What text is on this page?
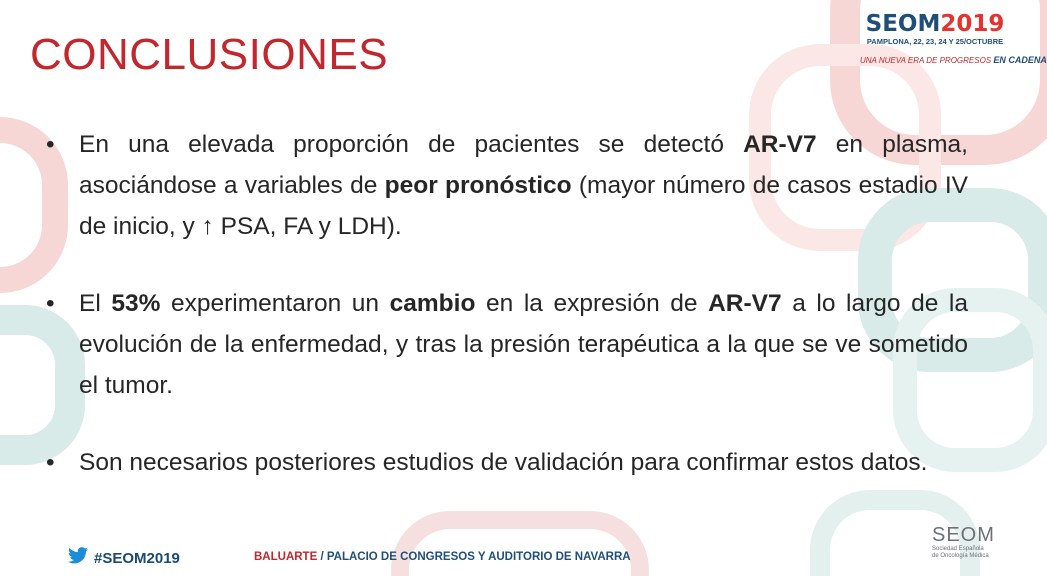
CONCLUSIONES
SEOM2019
PAMPLONA, 22, 23, 24 Y 25/OCTUBRE
UNA NUEVA ERA DE PROGRESOS EN CADENA
• En una elevada proporción de pacientes se detectó AR-V7 en plasma, asociándose a variables de peor pronóstico (mayor número de casos estadio IV de inicio, y ↑ PSA, FA y LDH).
• El 53% experimentaron un cambio en la expresión de AR-V7 a lo largo de la evolución de la enfermedad, y tras la presión terapéutica a la que se ve sometido el tumor.
• Son necesarios posteriores estudios de validación para confirmar estos datos.
#SEOM2019	BALUARTE / PALACIO DE CONGRESOS Y AUDITORIO DE NAVARRA
SEOM
Sociedad Española
de Oncología Médica
